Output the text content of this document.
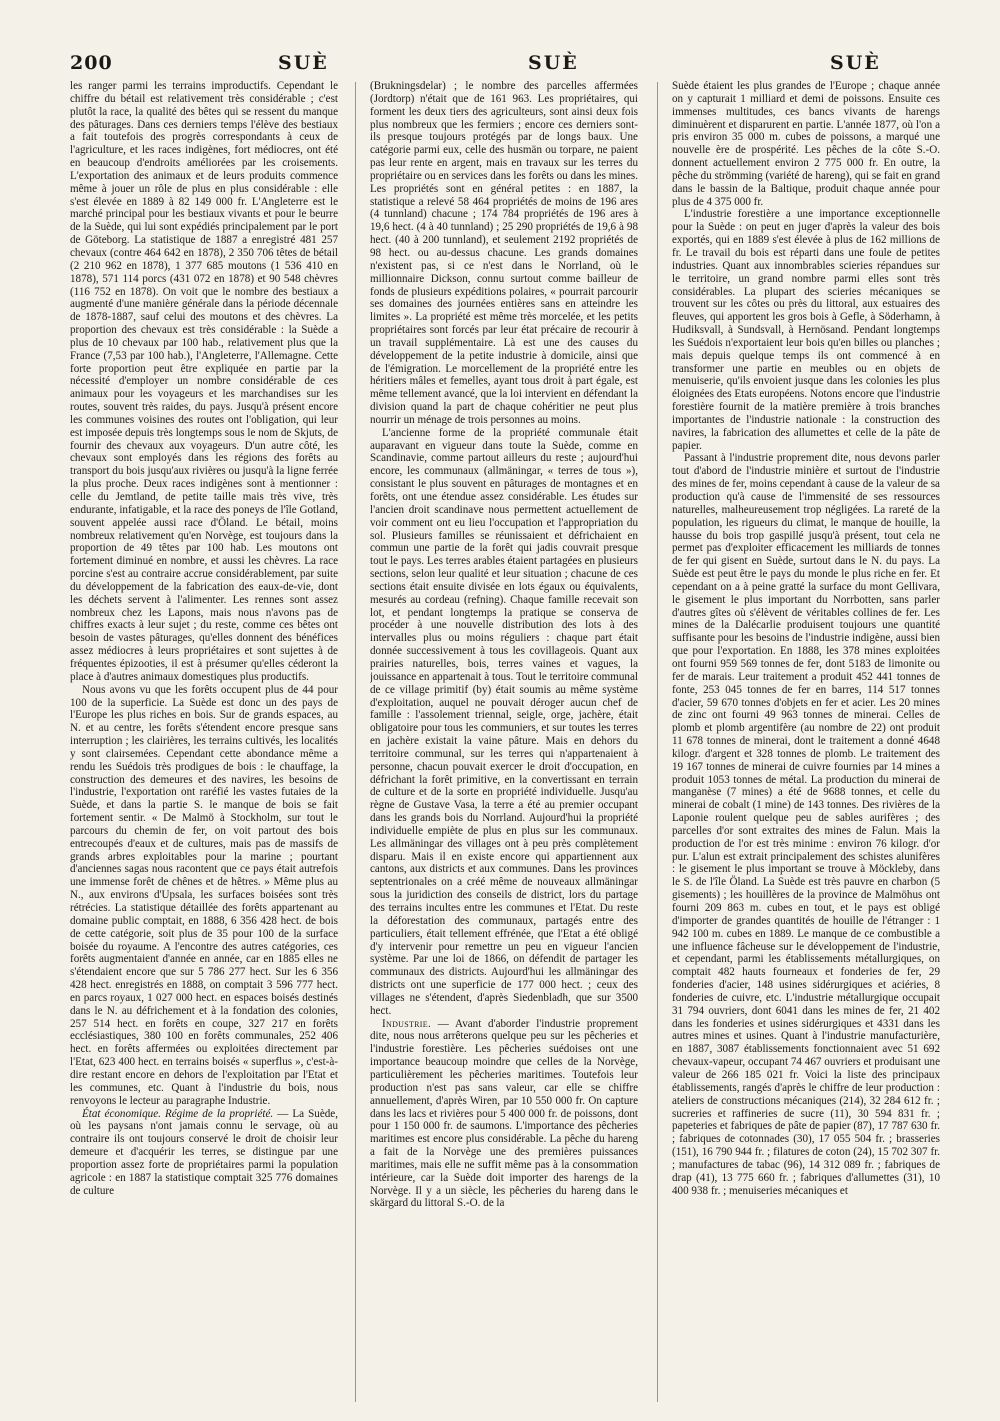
200	SUÈ	SUÈ	SUÈ

les ranger parmi les terrains improductifs. Cependant le chiffre du bétail est relativement très considérable ; c'est plutôt la race, la qualité des bêtes qui se ressent du manque des pâturages. Dans ces derniers temps l'élève des bestiaux a fait toutefois des progrès correspondants à ceux de l'agriculture, et les races indigènes, fort médiocres, ont été en beaucoup d'endroits améliorées par les croisements. L'exportation des animaux et de leurs produits commence même à jouer un rôle de plus en plus considérable : elle s'est élevée en 1889 à 82 149 000 fr. L'Angleterre est le marché principal pour les bestiaux vivants et pour le beurre de la Suède, qui lui sont expédiés principalement par le port de Göteborg. La statistique de 1887 a enregistré 481 257 chevaux (contre 464 642 en 1878), 2 350 706 têtes de bétail (2 210 962 en 1878), 1 377 685 moutons (1 536 410 en 1878), 571 114 porcs (431 072 en 1878) et 90 548 chèvres (116 752 en 1878). On voit que le nombre des bestiaux a augmenté d'une manière générale dans la période décennale de 1878-1887, sauf celui des moutons et des chèvres. La proportion des chevaux est très considérable : la Suède a plus de 10 chevaux par 100 hab., relativement plus que la France (7,53 par 100 hab.), l'Angleterre, l'Allemagne. Cette forte proportion peut être expliquée en partie par la nécessité d'employer un nombre considérable de ces animaux pour les voyageurs et les marchandises sur les routes, souvent très raides, du pays. Jusqu'à présent encore les communes voisines des routes ont l'obligation, qui leur est imposée depuis très longtemps sous le nom de Skjuts, de fournir des chevaux aux voyageurs. D'un autre côté, les chevaux sont employés dans les régions des forêts au transport du bois jusqu'aux rivières ou jusqu'à la ligne ferrée la plus proche. Deux races indigènes sont à mentionner : celle du Jemtland, de petite taille mais très vive, très endurante, infatigable, et la race des poneys de l'île Gotland, souvent appelée aussi race d'Öland. Le bétail, moins nombreux relativement qu'en Norvège, est toujours dans la proportion de 49 têtes par 100 hab. Les moutons ont fortement diminué en nombre, et aussi les chèvres. La race porcine s'est au contraire accrue considérablement, par suite du développement de la fabrication des eaux-de-vie, dont les déchets servent à l'alimenter. Les rennes sont assez nombreux chez les Lapons, mais nous n'avons pas de chiffres exacts à leur sujet ; du reste, comme ces bêtes ont besoin de vastes pâturages, qu'elles donnent des bénéfices assez médiocres à leurs propriétaires et sont sujettes à de fréquentes épizooties, il est à présumer qu'elles céderont la place à d'autres animaux domestiques plus productifs.

Nous avons vu que les forêts occupent plus de 44 pour 100 de la superficie. La Suède est donc un des pays de l'Europe les plus riches en bois. Sur de grands espaces, au N. et au centre, les forêts s'étendent encore presque sans interruption ; les clairières, les terrains cultivés, les localités y sont clairsemées. Cependant cette abondance même a rendu les Suédois très prodigues de bois : le chauffage, la construction des demeures et des navires, les besoins de l'industrie, l'exportation ont raréfié les vastes futaies de la Suède, et dans la partie S. le manque de bois se fait fortement sentir. « De Malmö à Stockholm, sur tout le parcours du chemin de fer, on voit partout des bois entrecoupés d'eaux et de cultures, mais pas de massifs de grands arbres exploitables pour la marine ; pourtant d'anciennes sagas nous racontent que ce pays était autrefois une immense forêt de chênes et de hêtres. » Même plus au N., aux environs d'Upsala, les surfaces boisées sont très rétrécies. La statistique détaillée des forêts appartenant au domaine public comptait, en 1888, 6 356 428 hect. de bois de cette catégorie, soit plus de 35 pour 100 de la surface boisée du royaume. A l'encontre des autres catégories, ces forêts augmentaient d'année en année, car en 1885 elles ne s'étendaient encore que sur 5 786 277 hect. Sur les 6 356 428 hect. enregistrés en 1888, on comptait 3 596 777 hect. en parcs royaux, 1 027 000 hect. en espaces boisés destinés dans le N. au défrichement et à la fondation des colonies, 257 514 hect. en forêts en coupe, 327 217 en forêts ecclésiastiques, 380 100 en forêts communales, 252 406 hect. en forêts affermées ou exploitées directement par l'Etat, 623 400 hect. en terrains boisés « superflus », c'est-à-dire restant encore en dehors de l'exploitation par l'Etat et les communes, etc. Quant à l'industrie du bois, nous renvoyons le lecteur au paragraphe Industrie.

État économique. Régime de la propriété. — La Suède, où les paysans n'ont jamais connu le servage, où au contraire ils ont toujours conservé le droit de choisir leur demeure et d'acquérir les terres, se distingue par une proportion assez forte de propriétaires parmi la population agricole : en 1887 la statistique comptait 325 776 domaines de culture

(Brukningsdelar) ; le nombre des parcelles affermées (Jordtorp) n'était que de 161 963. Les propriétaires, qui forment les deux tiers des agriculteurs, sont ainsi deux fois plus nombreux que les fermiers ; encore ces derniers sont-ils presque toujours protégés par de longs baux. Une catégorie parmi eux, celle des husmän ou torpare, ne paient pas leur rente en argent, mais en travaux sur les terres du propriétaire ou en services dans les forêts ou dans les mines. Les propriétés sont en général petites : en 1887, la statistique a relevé 58 464 propriétés de moins de 196 ares (4 tunnland) chacune ; 174 784 propriétés de 196 ares à 19,6 hect. (4 à 40 tunnland) ; 25 290 propriétés de 19,6 à 98 hect. (40 à 200 tunnland), et seulement 2192 propriétés de 98 hect. ou au-dessus chacune. Les grands domaines n'existent pas, si ce n'est dans le Norrland, où le millionnaire Dickson, connu surtout comme bailleur de fonds de plusieurs expéditions polaires, « pourrait parcourir ses domaines des journées entières sans en atteindre les limites ». La propriété est même très morcelée, et les petits propriétaires sont forcés par leur état précaire de recourir à un travail supplémentaire. Là est une des causes du développement de la petite industrie à domicile, ainsi que de l'émigration. Le morcellement de la propriété entre les héritiers mâles et femelles, ayant tous droit à part égale, est même tellement avancé, que la loi intervient en défendant la division quand la part de chaque cohéritier ne peut plus nourrir un ménage de trois personnes au moins.

L'ancienne forme de la propriété communale était auparavant en vigueur dans toute la Suède, comme en Scandinavie, comme partout ailleurs du reste ; aujourd'hui encore, les communaux (allmäningar, « terres de tous »), consistant le plus souvent en pâturages de montagnes et en forêts, ont une étendue assez considérable. Les études sur l'ancien droit scandinave nous permettent actuellement de voir comment ont eu lieu l'occupation et l'appropriation du sol. Plusieurs familles se réunissaient et défrichaient en commun une partie de la forêt qui jadis couvrait presque tout le pays. Les terres arables étaient partagées en plusieurs sections, selon leur qualité et leur situation ; chacune de ces sections était ensuite divisée en lots égaux ou équivalents, mesurés au cordeau (refning). Chaque famille recevait son lot, et pendant longtemps la pratique se conserva de procéder à une nouvelle distribution des lots à des intervalles plus ou moins réguliers : chaque part était donnée successivement à tous les covillageois. Quant aux prairies naturelles, bois, terres vaines et vagues, la jouissance en appartenait à tous. Tout le territoire communal de ce village primitif (by) était soumis au même système d'exploitation, auquel ne pouvait déroger aucun chef de famille : l'assolement triennal, seigle, orge, jachère, était obligatoire pour tous les communiers, et sur toutes les terres en jachère existait la vaine pâture. Mais en dehors du territoire communal, sur les terres qui n'appartenaient à personne, chacun pouvait exercer le droit d'occupation, en défrichant la forêt primitive, en la convertissant en terrain de culture et de la sorte en propriété individuelle. Jusqu'au règne de Gustave Vasa, la terre a été au premier occupant dans les grands bois du Norrland. Aujourd'hui la propriété individuelle empiète de plus en plus sur les communaux. Les allmäningar des villages ont à peu près complètement disparu. Mais il en existe encore qui appartiennent aux cantons, aux districts et aux communes. Dans les provinces septentrionales on a créé même de nouveaux allmäningar sous la juridiction des conseils de district, lors du partage des terrains incultes entre les communes et l'Etat. Du reste la déforestation des communaux, partagés entre des particuliers, était tellement effrénée, que l'Etat a été obligé d'y intervenir pour remettre un peu en vigueur l'ancien système. Par une loi de 1866, on défendit de partager les communaux des districts. Aujourd'hui les allmäningar des districts ont une superficie de 177 000 hect. ; ceux des villages ne s'étendent, d'après Siedenbladh, que sur 3500 hect.

Industrie. — Avant d'aborder l'industrie proprement dite, nous nous arrêterons quelque peu sur les pêcheries et l'industrie forestière. Les pêcheries suédoises ont une importance beaucoup moindre que celles de la Norvège, particulièrement les pêcheries maritimes. Toutefois leur production n'est pas sans valeur, car elle se chiffre annuellement, d'après Wiren, par 10 550 000 fr. On capture dans les lacs et rivières pour 5 400 000 fr. de poissons, dont pour 1 150 000 fr. de saumons. L'importance des pêcheries maritimes est encore plus considérable. La pêche du hareng a fait de la Norvège une des premières puissances maritimes, mais elle ne suffit même pas à la consommation intérieure, car la Suède doit importer des harengs de la Norvège. Il y a un siècle, les pêcheries du hareng dans le skärgard du littoral S.-O. de la

Suède étaient les plus grandes de l'Europe ; chaque année on y capturait 1 milliard et demi de poissons. Ensuite ces immenses multitudes, ces bancs vivants de harengs diminuèrent et disparurent en partie. L'année 1877, où l'on a pris environ 35 000 m. cubes de poissons, a marqué une nouvelle ère de prospérité. Les pêches de la côte S.-O. donnent actuellement environ 2 775 000 fr. En outre, la pêche du strömming (variété de hareng), qui se fait en grand dans le bassin de la Baltique, produit chaque année pour plus de 4 375 000 fr.

L'industrie forestière a une importance exceptionnelle pour la Suède : on peut en juger d'après la valeur des bois exportés, qui en 1889 s'est élevée à plus de 162 millions de fr. Le travail du bois est réparti dans une foule de petites industries. Quant aux innombrables scieries répandues sur le territoire, un grand nombre parmi elles sont très considérables. La plupart des scieries mécaniques se trouvent sur les côtes ou près du littoral, aux estuaires des fleuves, qui apportent les gros bois à Gefle, à Söderhamn, à Hudiksvall, à Sundsvall, à Hernösand. Pendant longtemps les Suédois n'exportaient leur bois qu'en billes ou planches ; mais depuis quelque temps ils ont commencé à en transformer une partie en meubles ou en objets de menuiserie, qu'ils envoient jusque dans les colonies les plus éloignées des Etats européens. Notons encore que l'industrie forestière fournit de la matière première à trois branches importantes de l'industrie nationale : la construction des navires, la fabrication des allumettes et celle de la pâte de papier.

Passant à l'industrie proprement dite, nous devons parler tout d'abord de l'industrie minière et surtout de l'industrie des mines de fer, moins cependant à cause de la valeur de sa production qu'à cause de l'immensité de ses ressources naturelles, malheureusement trop négligées. La rareté de la population, les rigueurs du climat, le manque de houille, la hausse du bois trop gaspillé jusqu'à présent, tout cela ne permet pas d'exploiter efficacement les milliards de tonnes de fer qui gisent en Suède, surtout dans le N. du pays. La Suède est peut être le pays du monde le plus riche en fer. Et cependant on a à peine gratté la surface du mont Gellivara, le gisement le plus important du Norrbotten, sans parler d'autres gîtes où s'élèvent de véritables collines de fer. Les mines de la Dalécarlie produisent toujours une quantité suffisante pour les besoins de l'industrie indigène, aussi bien que pour l'exportation. En 1888, les 378 mines exploitées ont fourni 959 569 tonnes de fer, dont 5183 de limonite ou fer de marais. Leur traitement a produit 452 441 tonnes de fonte, 253 045 tonnes de fer en barres, 114 517 tonnes d'acier, 59 670 tonnes d'objets en fer et acier. Les 20 mines de zinc ont fourni 49 963 tonnes de minerai. Celles de plomb et plomb argentifère (au nombre de 22) ont produit 11 678 tonnes de minerai, dont le traitement a donné 4648 kilogr. d'argent et 328 tonnes de plomb. Le traitement des 19 167 tonnes de minerai de cuivre fournies par 14 mines a produit 1053 tonnes de métal. La production du minerai de manganèse (7 mines) a été de 9688 tonnes, et celle du minerai de cobalt (1 mine) de 143 tonnes. Des rivières de la Laponie roulent quelque peu de sables aurifères ; des parcelles d'or sont extraites des mines de Falun. Mais la production de l'or est très minime : environ 76 kilogr. d'or pur. L'alun est extrait principalement des schistes alunifères : le gisement le plus important se trouve à Möckleby, dans le S. de l'île Öland. La Suède est très pauvre en charbon (5 gisements) ; les houillères de la province de Malmöhus ont fourni 209 863 m. cubes en tout, et le pays est obligé d'importer de grandes quantités de houille de l'étranger : 1 942 100 m. cubes en 1889. Le manque de ce combustible a une influence fâcheuse sur le développement de l'industrie, et cependant, parmi les établissements métallurgiques, on comptait 482 hauts fourneaux et fonderies de fer, 29 fonderies d'acier, 148 usines sidérurgiques et aciéries, 8 fonderies de cuivre, etc. L'industrie métallurgique occupait 31 794 ouvriers, dont 6041 dans les mines de fer, 21 402 dans les fonderies et usines sidérurgiques et 4331 dans les autres mines et usines. Quant à l'industrie manufacturière, en 1887, 3087 établissements fonctionnaient avec 51 692 chevaux-vapeur, occupant 74 467 ouvriers et produisant une valeur de 266 185 021 fr. Voici la liste des principaux établissements, rangés d'après le chiffre de leur production : ateliers de constructions mécaniques (214), 32 284 612 fr. ; sucreries et raffineries de sucre (11), 30 594 831 fr. ; papeteries et fabriques de pâte de papier (87), 17 787 630 fr. ; fabriques de cotonnades (30), 17 055 504 fr. ; brasseries (151), 16 790 944 fr. ; filatures de coton (24), 15 702 307 fr. ; manufactures de tabac (96), 14 312 089 fr. ; fabriques de drap (41), 13 775 660 fr. ; fabriques d'allumettes (31), 10 400 938 fr. ; menuiseries mécaniques et
